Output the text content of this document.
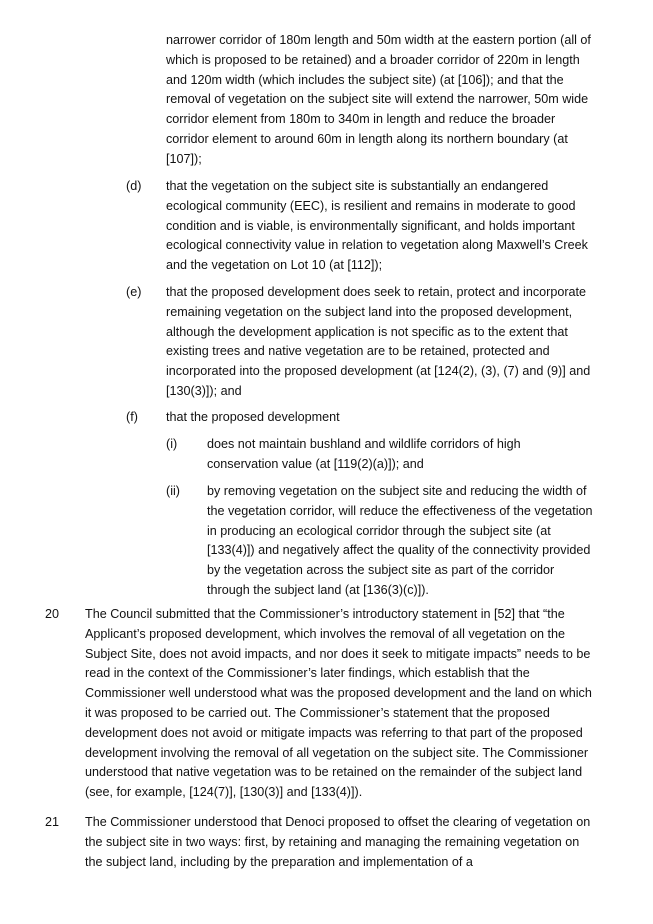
narrower corridor of 180m length and 50m width at the eastern portion (all of which is proposed to be retained) and a broader corridor of 220m in length and 120m width (which includes the subject site) (at [106]); and that the removal of vegetation on the subject site will extend the narrower, 50m wide corridor element from 180m to 340m in length and reduce the broader corridor element to around 60m in length along its northern boundary (at [107]);

(d) that the vegetation on the subject site is substantially an endangered ecological community (EEC), is resilient and remains in moderate to good condition and is viable, is environmentally significant, and holds important ecological connectivity value in relation to vegetation along Maxwell’s Creek and the vegetation on Lot 10 (at [112]);

(e) that the proposed development does seek to retain, protect and incorporate remaining vegetation on the subject land into the proposed development, although the development application is not specific as to the extent that existing trees and native vegetation are to be retained, protected and incorporated into the proposed development (at [124(2), (3), (7) and (9)] and [130(3)]); and

(f) that the proposed development

(i) does not maintain bushland and wildlife corridors of high conservation value (at [119(2)(a)]); and

(ii) by removing vegetation on the subject site and reducing the width of the vegetation corridor, will reduce the effectiveness of the vegetation in producing an ecological corridor through the subject site (at [133(4)]) and negatively affect the quality of the connectivity provided by the vegetation across the subject site as part of the corridor through the subject land (at [136(3)(c)]).

20 The Council submitted that the Commissioner’s introductory statement in [52] that “the Applicant’s proposed development, which involves the removal of all vegetation on the Subject Site, does not avoid impacts, and nor does it seek to mitigate impacts” needs to be read in the context of the Commissioner’s later findings, which establish that the Commissioner well understood what was the proposed development and the land on which it was proposed to be carried out. The Commissioner’s statement that the proposed development does not avoid or mitigate impacts was referring to that part of the proposed development involving the removal of all vegetation on the subject site. The Commissioner understood that native vegetation was to be retained on the remainder of the subject land (see, for example, [124(7)], [130(3)] and [133(4)]).

21 The Commissioner understood that Denoci proposed to offset the clearing of vegetation on the subject site in two ways: first, by retaining and managing the remaining vegetation on the subject land, including by the preparation and implementation of a
